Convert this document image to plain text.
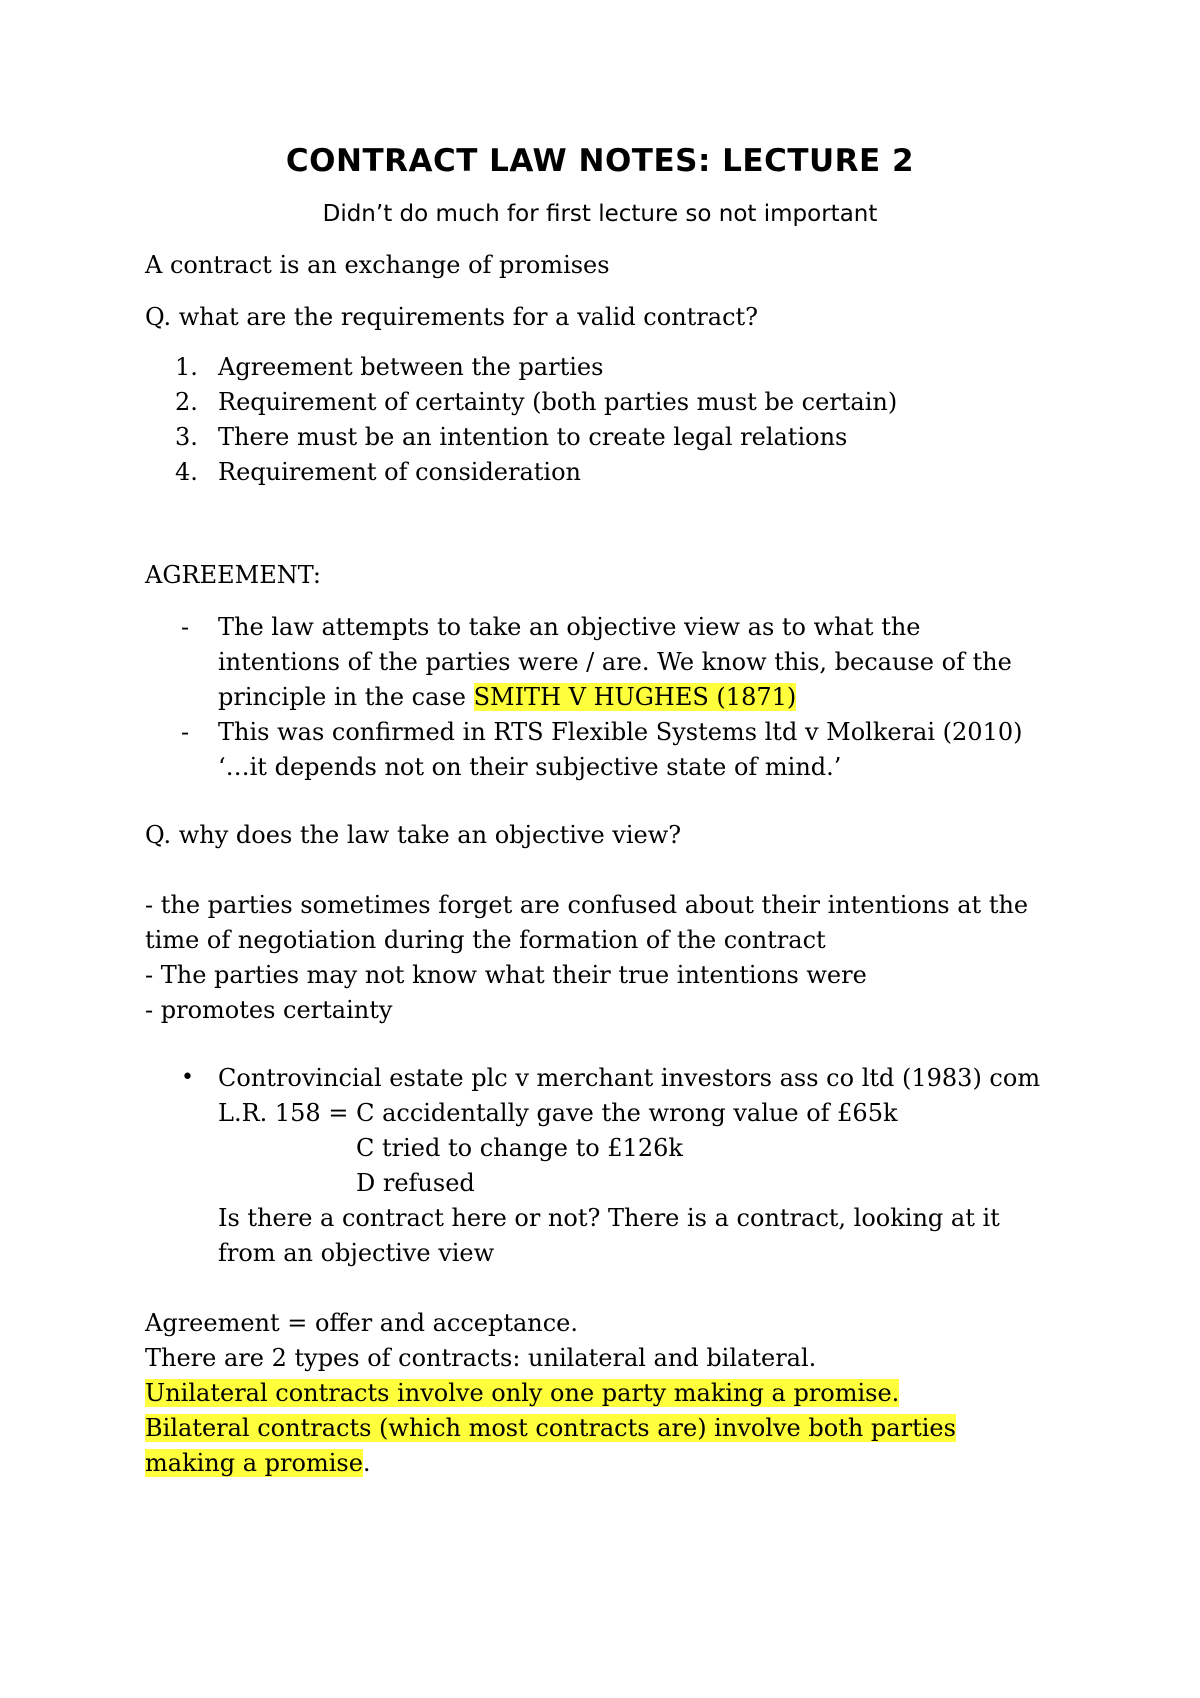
CONTRACT LAW NOTES: LECTURE 2
Didn’t do much for first lecture so not important
A contract is an exchange of promises
Q. what are the requirements for a valid contract?
1. Agreement between the parties
2. Requirement of certainty (both parties must be certain)
3. There must be an intention to create legal relations
4. Requirement of consideration
AGREEMENT:
- The law attempts to take an objective view as to what the
intentions of the parties were / are. We know this, because of the
principle in the case SMITH V HUGHES (1871)
- This was confirmed in RTS Flexible Systems ltd v Molkerai (2010)
‘…it depends not on their subjective state of mind.’
Q. why does the law take an objective view?
- the parties sometimes forget are confused about their intentions at the
time of negotiation during the formation of the contract
- The parties may not know what their true intentions were
- promotes certainty
• Controvincial estate plc v merchant investors ass co ltd (1983) com
L.R. 158 = C accidentally gave the wrong value of £65k
C tried to change to £126k
D refused
Is there a contract here or not? There is a contract, looking at it
from an objective view
Agreement = offer and acceptance.
There are 2 types of contracts: unilateral and bilateral.
Unilateral contracts involve only one party making a promise.
Bilateral contracts (which most contracts are) involve both parties
making a promise.
